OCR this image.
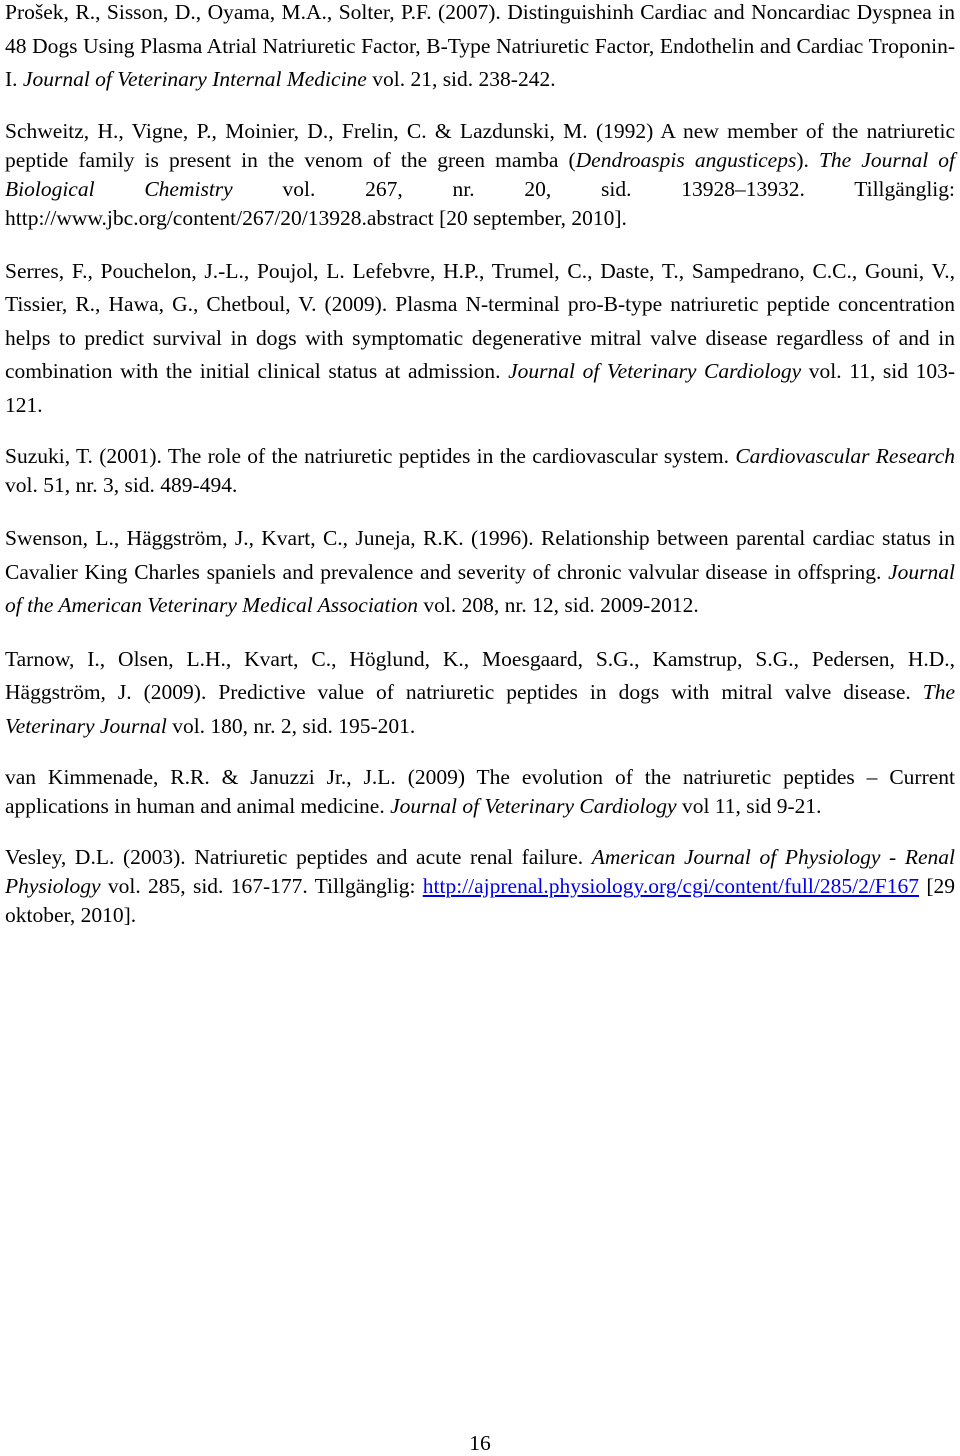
Prošek, R., Sisson, D., Oyama, M.A., Solter, P.F. (2007). Distinguishinh Cardiac and Noncardiac Dyspnea in 48 Dogs Using Plasma Atrial Natriuretic Factor, B-Type Natriuretic Factor, Endothelin and Cardiac Troponin-I. Journal of Veterinary Internal Medicine vol. 21, sid. 238-242.

Schweitz, H., Vigne, P., Moinier, D., Frelin, C. & Lazdunski, M. (1992) A new member of the natriuretic peptide family is present in the venom of the green mamba (Dendroaspis angusticeps). The Journal of Biological Chemistry vol. 267, nr. 20, sid. 13928–13932. Tillgänglig: http://www.jbc.org/content/267/20/13928.abstract [20 september, 2010].

Serres, F., Pouchelon, J.-L., Poujol, L. Lefebvre, H.P., Trumel, C., Daste, T., Sampedrano, C.C., Gouni, V., Tissier, R., Hawa, G., Chetboul, V. (2009). Plasma N-terminal pro-B-type natriuretic peptide concentration helps to predict survival in dogs with symptomatic degenerative mitral valve disease regardless of and in combination with the initial clinical status at admission. Journal of Veterinary Cardiology vol. 11, sid 103-121.

Suzuki, T. (2001). The role of the natriuretic peptides in the cardiovascular system. Cardiovascular Research vol. 51, nr. 3, sid. 489-494.

Swenson, L., Häggström, J., Kvart, C., Juneja, R.K. (1996). Relationship between parental cardiac status in Cavalier King Charles spaniels and prevalence and severity of chronic valvular disease in offspring. Journal of the American Veterinary Medical Association vol. 208, nr. 12, sid. 2009-2012.

Tarnow, I., Olsen, L.H., Kvart, C., Höglund, K., Moesgaard, S.G., Kamstrup, S.G., Pedersen, H.D., Häggström, J. (2009). Predictive value of natriuretic peptides in dogs with mitral valve disease. The Veterinary Journal vol. 180, nr. 2, sid. 195-201.

van Kimmenade, R.R. & Januzzi Jr., J.L. (2009) The evolution of the natriuretic peptides – Current applications in human and animal medicine. Journal of Veterinary Cardiology vol 11, sid 9-21.

Vesley, D.L. (2003). Natriuretic peptides and acute renal failure. American Journal of Physiology - Renal Physiology vol. 285, sid. 167-177. Tillgänglig: http://ajprenal.physiology.org/cgi/content/full/285/2/F167 [29 oktober, 2010].

16
